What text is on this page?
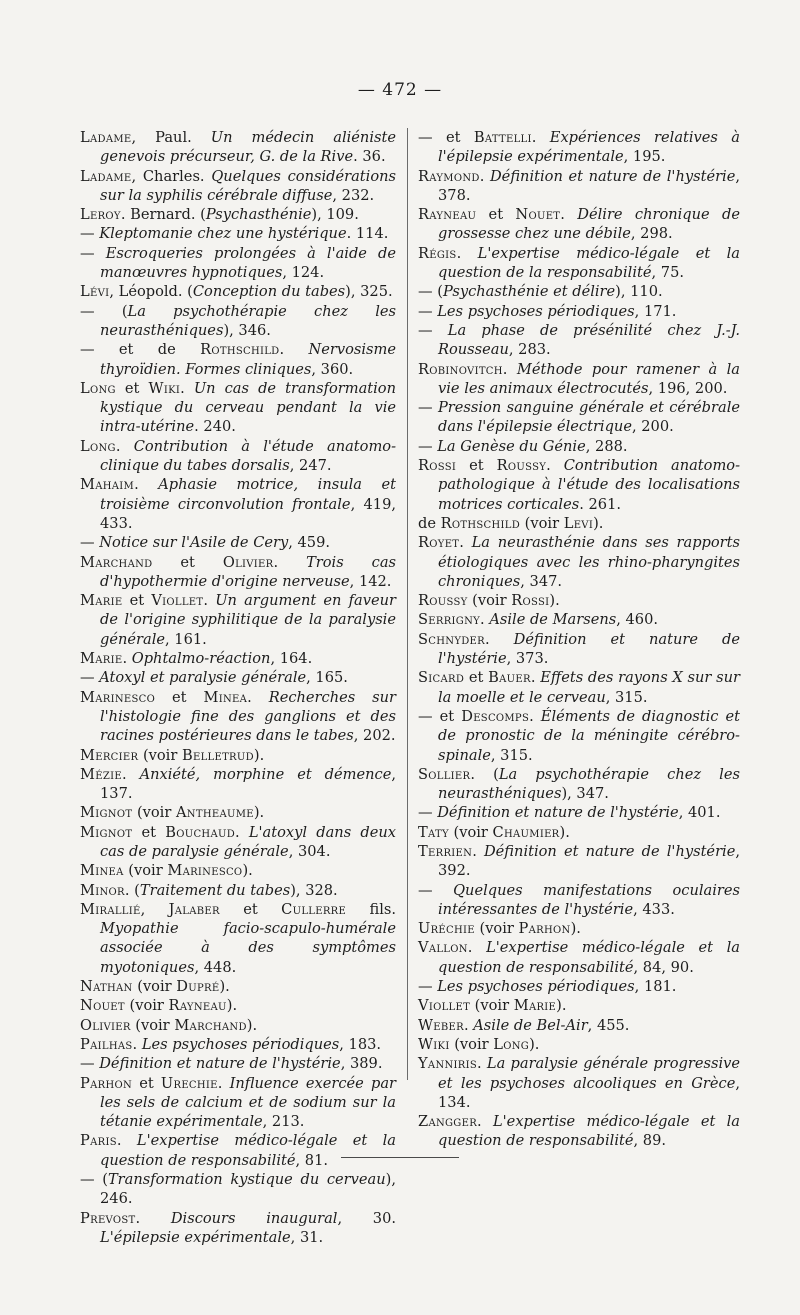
— 472 —

Ladame, Paul. Un médecin aliéniste genevois précurseur, G. de la Rive. 36.

Ladame, Charles. Quelques considérations sur la syphilis cérébrale diffuse, 232.

Leroy. Bernard. (Psychasthénie), 109.

— Kleptomanie chez une hystérique. 114.

— Escroqueries prolongées à l'aide de manœuvres hypnotiques, 124.

Lévi, Léopold. (Conception du tabes), 325.

— (La psychothérapie chez les neurasthéniques), 346.

— et de Rothschild. Nervosisme thyroïdien. Formes cliniques, 360.

Long et Wiki. Un cas de transformation kystique du cerveau pendant la vie intra-utérine. 240.

Long. Contribution à l'étude anatomo-clinique du tabes dorsalis, 247.

Mahaim. Aphasie motrice, insula et troisième circonvolution frontale, 419, 433.

— Notice sur l'Asile de Cery, 459.

Marchand et Olivier. Trois cas d'hypothermie d'origine nerveuse, 142.

Marie et Viollet. Un argument en faveur de l'origine syphilitique de la paralysie générale, 161.

Marie. Ophtalmo-réaction, 164.

— Atoxyl et paralysie générale, 165.

Marinesco et Minea. Recherches sur l'histologie fine des ganglions et des racines postérieures dans le tabes, 202.

Mercier (voir Belletrud).

Mézie. Anxiété, morphine et démence, 137.

Mignot (voir Antheaume).

Mignot et Bouchaud. L'atoxyl dans deux cas de paralysie générale, 304.

Minea (voir Marinesco).

Minor. (Traitement du tabes), 328.

Mirallié, Jalaber et Cullerre fils. Myopathie facio-scapulo-humérale associée à des symptômes myotoniques, 448.

Nathan (voir Dupré).

Nouet (voir Rayneau).

Olivier (voir Marchand).

Pailhas. Les psychoses périodiques, 183.

— Définition et nature de l'hystérie, 389.

Parhon et Urechie. Influence exercée par les sels de calcium et de sodium sur la tétanie expérimentale, 213.

Paris. L'expertise médico-légale et la question de responsabilité, 81.

— (Transformation kystique du cerveau), 246.

Prevost. Discours inaugural, 30. L'épilepsie expérimentale, 31.

— et Battelli. Expériences relatives à l'épilepsie expérimentale, 195.

Raymond. Définition et nature de l'hystérie, 378.

Rayneau et Nouet. Délire chronique de grossesse chez une débile, 298.

Régis. L'expertise médico-légale et la question de la responsabilité, 75.

— (Psychasthénie et délire), 110.

— Les psychoses périodiques, 171.

— La phase de présénilité chez J.-J. Rousseau, 283.

Robinovitch. Méthode pour ramener à la vie les animaux électrocutés, 196, 200.

— Pression sanguine générale et cérébrale dans l'épilepsie électrique, 200.

— La Genèse du Génie, 288.

Rossi et Roussy. Contribution anatomo-pathologique à l'étude des localisations motrices corticales. 261.

de Rothschild (voir Levi).

Royet. La neurasthénie dans ses rapports étiologiques avec les rhino-pharyngites chroniques, 347.

Roussy (voir Rossi).

Serrigny. Asile de Marsens, 460.

Schnyder. Définition et nature de l'hystérie, 373.

Sicard et Bauer. Effets des rayons X sur sur la moelle et le cerveau, 315.

— et Descomps. Éléments de diagnostic et de pronostic de la méningite cérébro-spinale, 315.

Sollier. (La psychothérapie chez les neurasthéniques), 347.

— Définition et nature de l'hystérie, 401.

Taty (voir Chaumier).

Terrien. Définition et nature de l'hystérie, 392.

— Quelques manifestations oculaires intéressantes de l'hystérie, 433.

Uréchie (voir Parhon).

Vallon. L'expertise médico-légale et la question de responsabilité, 84, 90.

— Les psychoses périodiques, 181.

Viollet (voir Marie).

Weber. Asile de Bel-Air, 455.

Wiki (voir Long).

Yanniris. La paralysie générale progressive et les psychoses alcooliques en Grèce, 134.

Zangger. L'expertise médico-légale et la question de responsabilité, 89.
